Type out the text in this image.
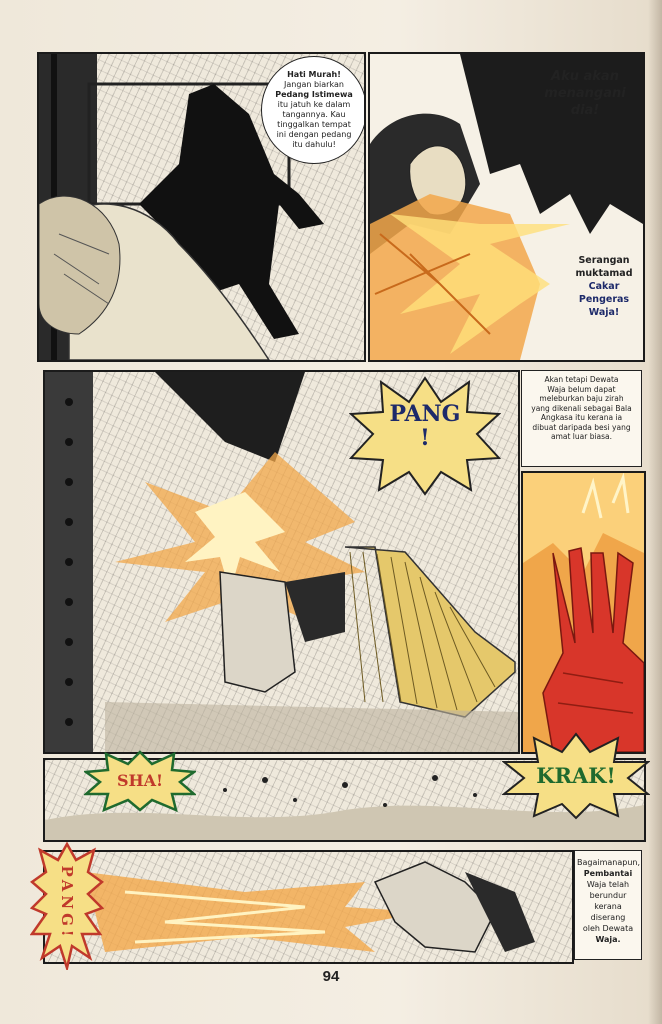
Hati Murah!
Jangan biarkan
Pedang Istimewa
itu jatuh ke dalam
tangannya. Kau
tinggalkan tempat
ini dengan pedang
itu dahulu!
Aku akan
menangani
dia!
Serangan
muktamad
Cakar
Pengeras
Waja!
PANG
!
Akan tetapi Dewata
Waja belum dapat
meleburkan baju zirah
yang dikenali sebagai Bala
Angkasa itu kerana ia
dibuat daripada besi yang
amat luar biasa.
SHA!	KRAK!
PANG!
Bagaimanapun,
Pembantai
Waja telah
berundur
kerana diserang
oleh Dewata
Waja.
94
